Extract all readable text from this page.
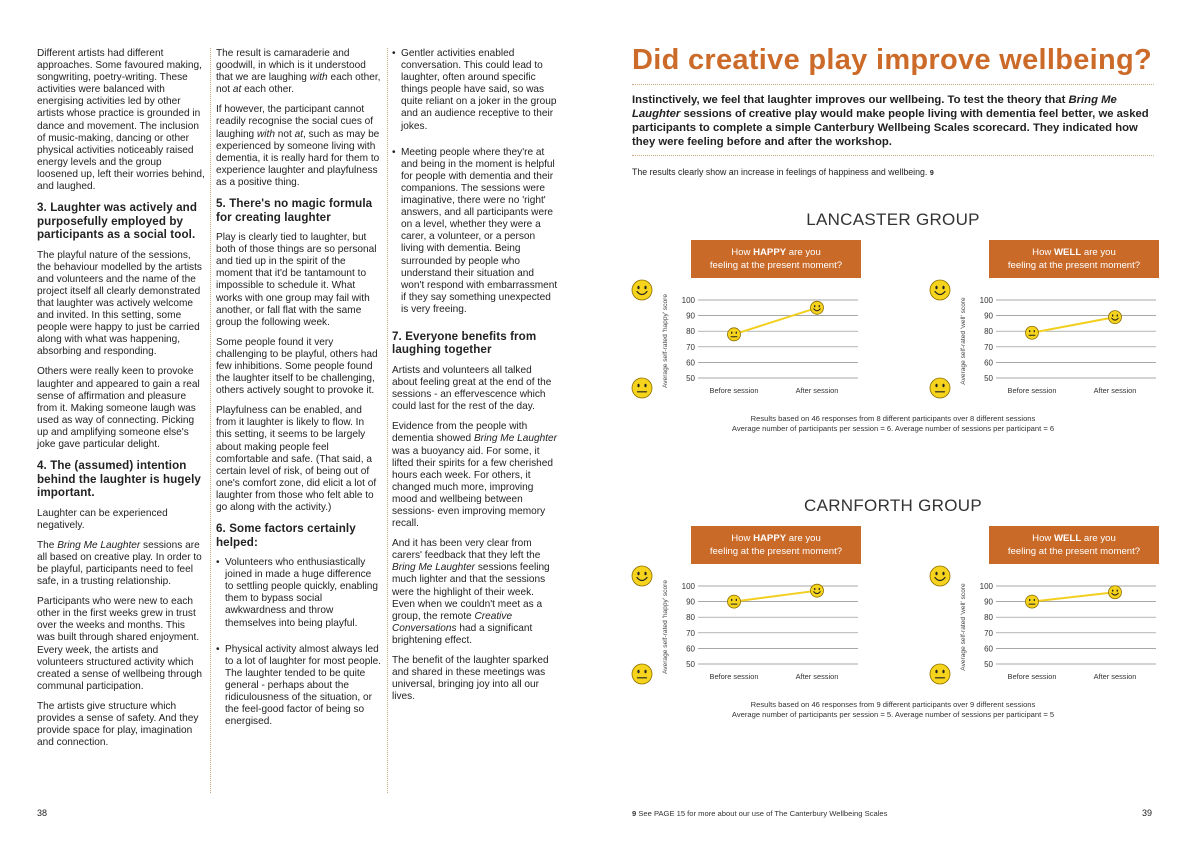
Different artists had different approaches. Some favoured making, songwriting, poetry-writing. These activities were balanced with energising activities led by other artists whose practice is grounded in dance and movement. The inclusion of music-making, dancing or other physical activities noticeably raised energy levels and the group loosened up, left their worries behind, and laughed.

3. Laughter was actively and purposefully employed by participants as a social tool.

The playful nature of the sessions, the behaviour modelled by the artists and volunteers and the name of the project itself all clearly demonstrated that laughter was actively welcome and invited. In this setting, some people were happy to just be carried along with what was happening, absorbing and responding.

Others were really keen to provoke laughter and appeared to gain a real sense of affirmation and pleasure from it. Making someone laugh was used as way of connecting. Picking up and amplifying someone else's joke gave particular delight.

4. The (assumed) intention behind the laughter is hugely important.

Laughter can be experienced negatively.

The Bring Me Laughter sessions are all based on creative play. In order to be playful, participants need to feel safe, in a trusting relationship.

Participants who were new to each other in the first weeks grew in trust over the weeks and months. This was built through shared enjoyment. Every week, the artists and volunteers structured activity which created a sense of wellbeing through communal participation.

The artists give structure which provides a sense of safety. And they provide space for play, imagination and connection.

The result is camaraderie and goodwill, in which is it understood that we are laughing with each other, not at each other.

If however, the participant cannot readily recognise the social cues of laughing with not at, such as may be experienced by someone living with dementia, it is really hard for them to experience laughter and playfulness as a positive thing.

5. There's no magic formula for creating laughter

Play is clearly tied to laughter, but both of those things are so personal and tied up in the spirit of the moment that it'd be tantamount to impossible to schedule it. What works with one group may fail with another, or fall flat with the same group the following week.

Some people found it very challenging to be playful, others had few inhibitions. Some people found the laughter itself to be challenging, others actively sought to provoke it.

Playfulness can be enabled, and from it laughter is likely to flow. In this setting, it seems to be largely about making people feel comfortable and safe. (That said, a certain level of risk, of being out of one's comfort zone, did elicit a lot of laughter from those who felt able to go along with the activity.)

6. Some factors certainly helped:
• Volunteers who enthusiastically joined in made a huge difference to settling people quickly, enabling them to bypass social awkwardness and throw themselves into being playful.
• Physical activity almost always led to a lot of laughter for most people. The laughter tended to be quite general - perhaps about the ridiculousness of the situation, or the feel-good factor of being so energised.
• Gentler activities enabled conversation. This could lead to laughter, often around specific things people have said, so was quite reliant on a joker in the group and an audience receptive to their jokes.
• Meeting people where they're at and being in the moment is helpful for people with dementia and their companions. The sessions were imaginative, there were no 'right' answers, and all participants were on a level, whether they were a carer, a volunteer, or a person living with dementia. Being surrounded by people who understand their situation and won't respond with embarrassment if they say something unexpected is very freeing.
7. Everyone benefits from laughing together

Artists and volunteers all talked about feeling great at the end of the sessions - an effervescence which could last for the rest of the day.

Evidence from the people with dementia showed Bring Me Laughter was a buoyancy aid. For some, it lifted their spirits for a few cherished hours each week. For others, it changed much more, improving mood and wellbeing between sessions- even improving memory recall.

And it has been very clear from carers' feedback that they left the Bring Me Laughter sessions feeling much lighter and that the sessions were the highlight of their week. Even when we couldn't meet as a group, the remote Creative Conversations had a significant brightening effect.

The benefit of the laughter sparked and shared in these meetings was universal, bringing joy into all our lives.

38
Did creative play improve wellbeing?
Instinctively, we feel that laughter improves our wellbeing. To test the theory that Bring Me Laughter sessions of creative play would make people living with dementia feel better, we asked participants to complete a simple Canterbury Wellbeing Scales scorecard. They indicated how they were feeling before and after the workshop.
The results clearly show an increase in feelings of happiness and wellbeing. 9
LANCASTER GROUP
CARNFORTH GROUP
How HAPPY are you
feeling at the present moment?
Average self-rated 'happy' score 100
90
80
70
60
50
Before session	After session
How WELL are you
feeling at the present moment?
Average self-rated 'well' score 100
90
80
70
60
50
Before session	After session
How HAPPY are you
feeling at the present moment?
Average self-rated 'happy' score 100
90
80
70
60
50
Before session	After session
How WELL are you
feeling at the present moment?
Average self-rated 'well' score 100
90
80
70
60
50
Before session	After session
Results based on 46 responses from 8 different participants over 8 different sessions
Average number of participants per session = 6. Average number of sessions per participant = 6
Results based on 46 responses from 9 different participants over 9 different sessions
Average number of participants per session = 5. Average number of sessions per participant = 5
9 See PAGE 15 for more about our use of The Canterbury Wellbeing Scales	39
